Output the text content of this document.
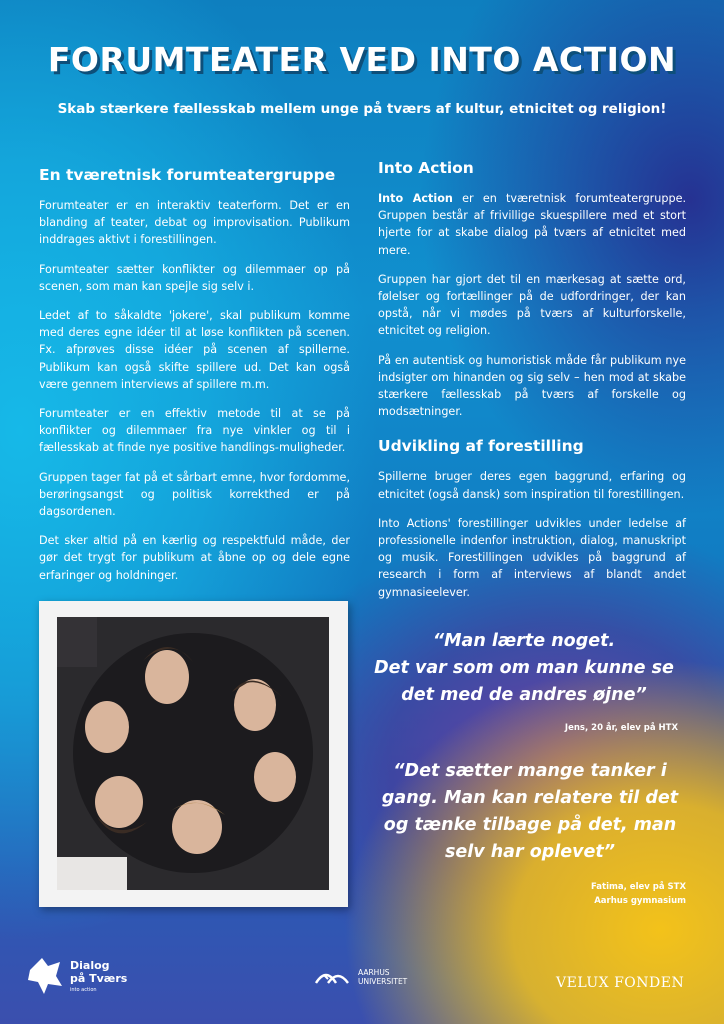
FORUMTEATER VED INTO ACTION
Skab stærkere fællesskab mellem unge på tværs af kultur, etnicitet og religion!
En tværetnisk forumteatergruppe

Forumteater er en interaktiv teaterform. Det er en blanding af teater, debat og improvisation. Publikum inddrages aktivt i forestillingen.

Forumteater sætter konflikter og dilemmaer op på scenen, som man kan spejle sig selv i.

Ledet af to såkaldte 'jokere', skal publikum komme med deres egne idéer til at løse konflikten på scenen. Fx. afprøves disse idéer på scenen af spillerne. Publikum kan også skifte spillere ud. Det kan også være gennem interviews af spillere m.m.

Forumteater er en effektiv metode til at se på konflikter og dilemmaer fra nye vinkler og til i fællesskab at finde nye positive handlings-muligheder.

Gruppen tager fat på et sårbart emne, hvor fordomme, berøringsangst og politisk korrekthed er på dagsordenen.

Det sker altid på en kærlig og respektfuld måde, der gør det trygt for publikum at åbne op og dele egne erfaringer og holdninger.

Into Action

Into Action er en tværetnisk forumteatergruppe. Gruppen består af frivillige skuespillere med et stort hjerte for at skabe dialog på tværs af etnicitet med mere.

Gruppen har gjort det til en mærkesag at sætte ord, følelser og fortællinger på de udfordringer, der kan opstå, når vi mødes på tværs af kulturforskelle, etnicitet og religion.

På en autentisk og humoristisk måde får publikum nye indsigter om hinanden og sig selv – hen mod at skabe stærkere fællesskab på tværs af forskelle og modsætninger.

Udvikling af forestilling

Spillerne bruger deres egen baggrund, erfaring og etnicitet (også dansk) som inspiration til forestillingen.

Into Actions' forestillinger udvikles under ledelse af professionelle indenfor instruktion, dialog, manuskript og musik. Forestillingen udvikles på baggrund af research i form af interviews af blandt andet gymnasieelever.

“Man lærte noget.
Det var som om man kunne se
det med de andres øjne”
Jens, 20 år, elev på HTX
“Det sætter mange tanker i
gang. Man kan relatere til det
og tænke tilbage på det, man
selv har oplevet”
Fatima, elev på STX
Aarhus gymnasium
Dialog
på Tværs
into action
AARHUS
UNIVERSITET	VELUX FONDEN
